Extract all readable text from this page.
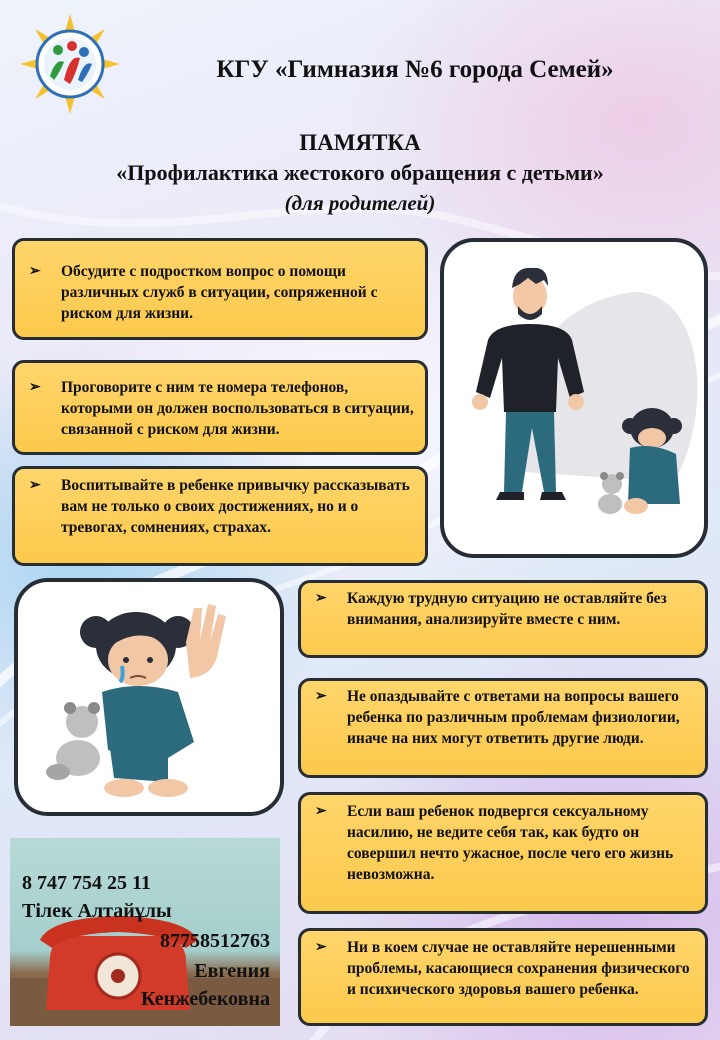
КГУ «Гимназия №6 города Семей»
ПАМЯТКА
«Профилактика жестокого обращения с детьми»
(для родителей)
➢ Обсудите с подростком вопрос о помощи различных служб в ситуации, сопряженной с риском для жизни.
➢ Проговорите с ним те номера телефонов, которыми он должен воспользоваться в ситуации, связанной с риском для жизни.
➢ Воспитывайте в ребенке привычку рассказывать вам не только о своих достижениях, но и о тревогах, сомнениях, страхах.
➢ Каждую трудную ситуацию не оставляйте без внимания, анализируйте вместе с ним.
➢ Не опаздывайте с ответами на вопросы вашего ребенка по различным проблемам физиологии, иначе на них могут ответить другие люди.
➢ Если ваш ребенок подвергся сексуальному насилию, не ведите себя так, как будто он совершил нечто ужасное, после чего его жизнь невозможна.
➢ Ни в коем случае не оставляйте нерешенными проблемы, касающиеся сохранения физического и психического здоровья вашего ребенка.
8 747 754 25 11
Тілек Алтайұлы
87758512763
Евгения
Кенжебековна
